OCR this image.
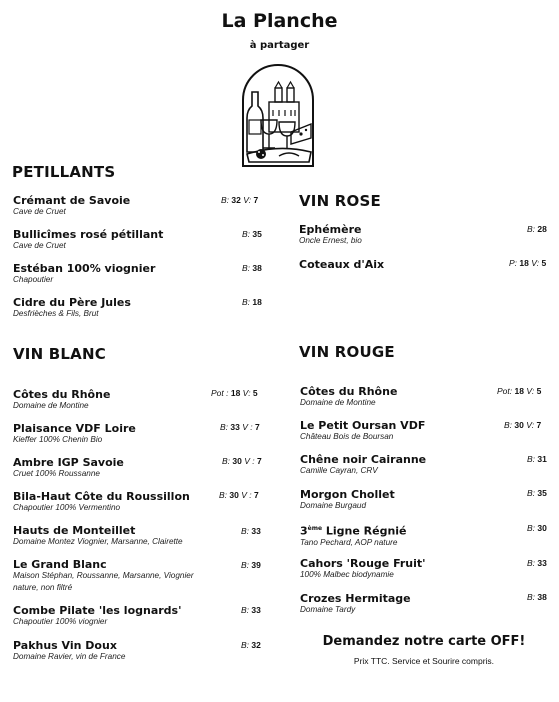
La Planche
à partager
PETILLANTS
Crémant de Savoie
Cave de Cruet
B: 32 V: 7
Bullicîmes rosé pétillant
Cave de Cruet
B: 35
Estéban 100% viognier
Chapoutier
B: 38
Cidre du Père Jules
Desfrièches & Fils, Brut
B: 18
VIN ROSE
Ephémère
Oncle Ernest, bio
B: 28
Coteaux d'Aix	P: 18 V: 5
VIN BLANC
Côtes du Rhône
Domaine de Montine
Pot : 18 V: 5
Plaisance VDF Loire
Kieffer 100% Chenin Bio
B: 33 V : 7
Ambre IGP Savoie
Cruet 100% Roussanne
B: 30 V : 7
Bila-Haut Côte du Roussillon
Chapoutier 100% Vermentino
B: 30 V : 7
Hauts de Monteillet
Domaine Montez Viognier, Marsanne, Clairette
B: 33
Le Grand Blanc
Maison Stéphan, Roussanne, Marsanne, Viognier
nature, non filtré
B: 39
Combe Pilate 'les lognards'
Chapoutier 100% viognier
B: 33
Pakhus Vin Doux
Domaine Ravier, vin de France
B: 32
VIN ROUGE
Côtes du Rhône
Domaine de Montine
Pot: 18 V: 5
Le Petit Oursan VDF
Château Bois de Boursan
B: 30 V: 7
Chêne noir Cairanne
Camille Cayran, CRV
B: 31
Morgon Chollet
Domaine Burgaud
B: 35
3ème Ligne Régnié
Tano Pechard, AOP nature
B: 30
Cahors 'Rouge Fruit'
100% Malbec biodynamie
B: 33
Crozes Hermitage
Domaine Tardy
B: 38
Demandez notre carte OFF!
Prix TTC. Service et Sourire compris.
